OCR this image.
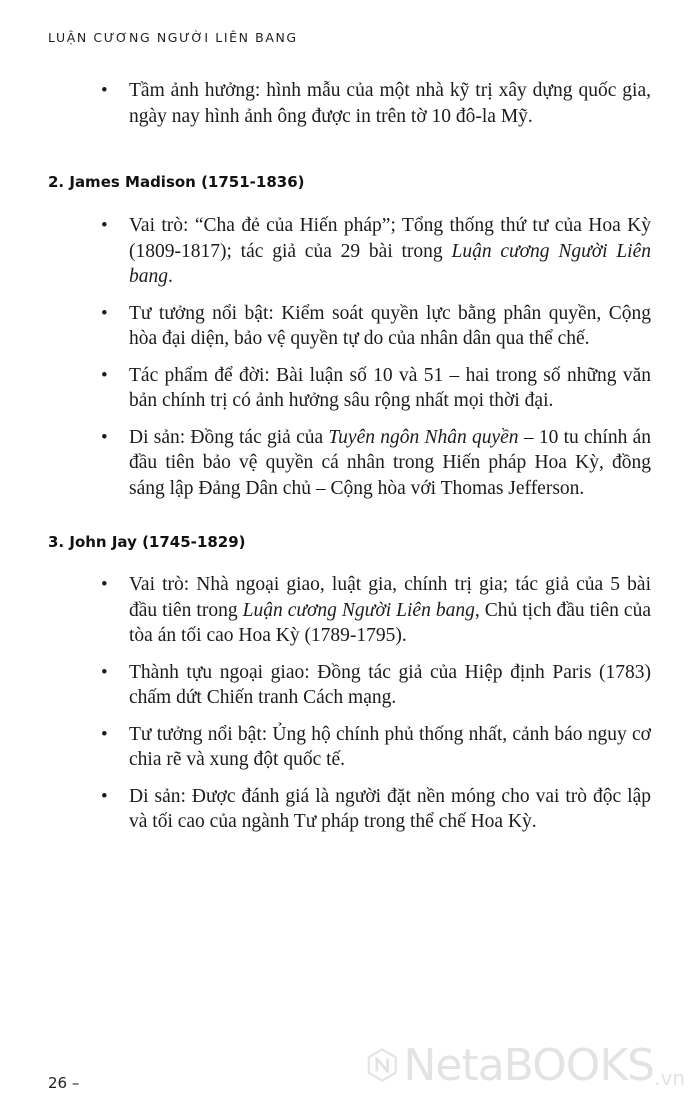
LUẬN CƯƠNG NGƯỜI LIÊN BANG
• Tầm ảnh hưởng: hình mẫu của một nhà kỹ trị xây dựng quốc gia, ngày nay hình ảnh ông được in trên tờ 10 đô-la Mỹ.
2. James Madison (1751-1836)
• Vai trò: “Cha đẻ của Hiến pháp”; Tổng thống thứ tư của Hoa Kỳ (1809-1817); tác giả của 29 bài trong Luận cương Người Liên bang.
• Tư tưởng nổi bật: Kiểm soát quyền lực bằng phân quyền, Cộng hòa đại diện, bảo vệ quyền tự do của nhân dân qua thể chế.
• Tác phẩm để đời: Bài luận số 10 và 51 – hai trong số những văn bản chính trị có ảnh hưởng sâu rộng nhất mọi thời đại.
• Di sản: Đồng tác giả của Tuyên ngôn Nhân quyền – 10 tu chính án đầu tiên bảo vệ quyền cá nhân trong Hiến pháp Hoa Kỳ, đồng sáng lập Đảng Dân chủ – Cộng hòa với Thomas Jefferson.
3. John Jay (1745-1829)
• Vai trò: Nhà ngoại giao, luật gia, chính trị gia; tác giả của 5 bài đầu tiên trong Luận cương Người Liên bang, Chủ tịch đầu tiên của tòa án tối cao Hoa Kỳ (1789-1795).
• Thành tựu ngoại giao: Đồng tác giả của Hiệp định Paris (1783) chấm dứt Chiến tranh Cách mạng.
• Tư tưởng nổi bật: Ủng hộ chính phủ thống nhất, cảnh báo nguy cơ chia rẽ và xung đột quốc tế.
• Di sản: Được đánh giá là người đặt nền móng cho vai trò độc lập và tối cao của ngành Tư pháp trong thể chế Hoa Kỳ.
26 –	NetaBOOKS .vn
